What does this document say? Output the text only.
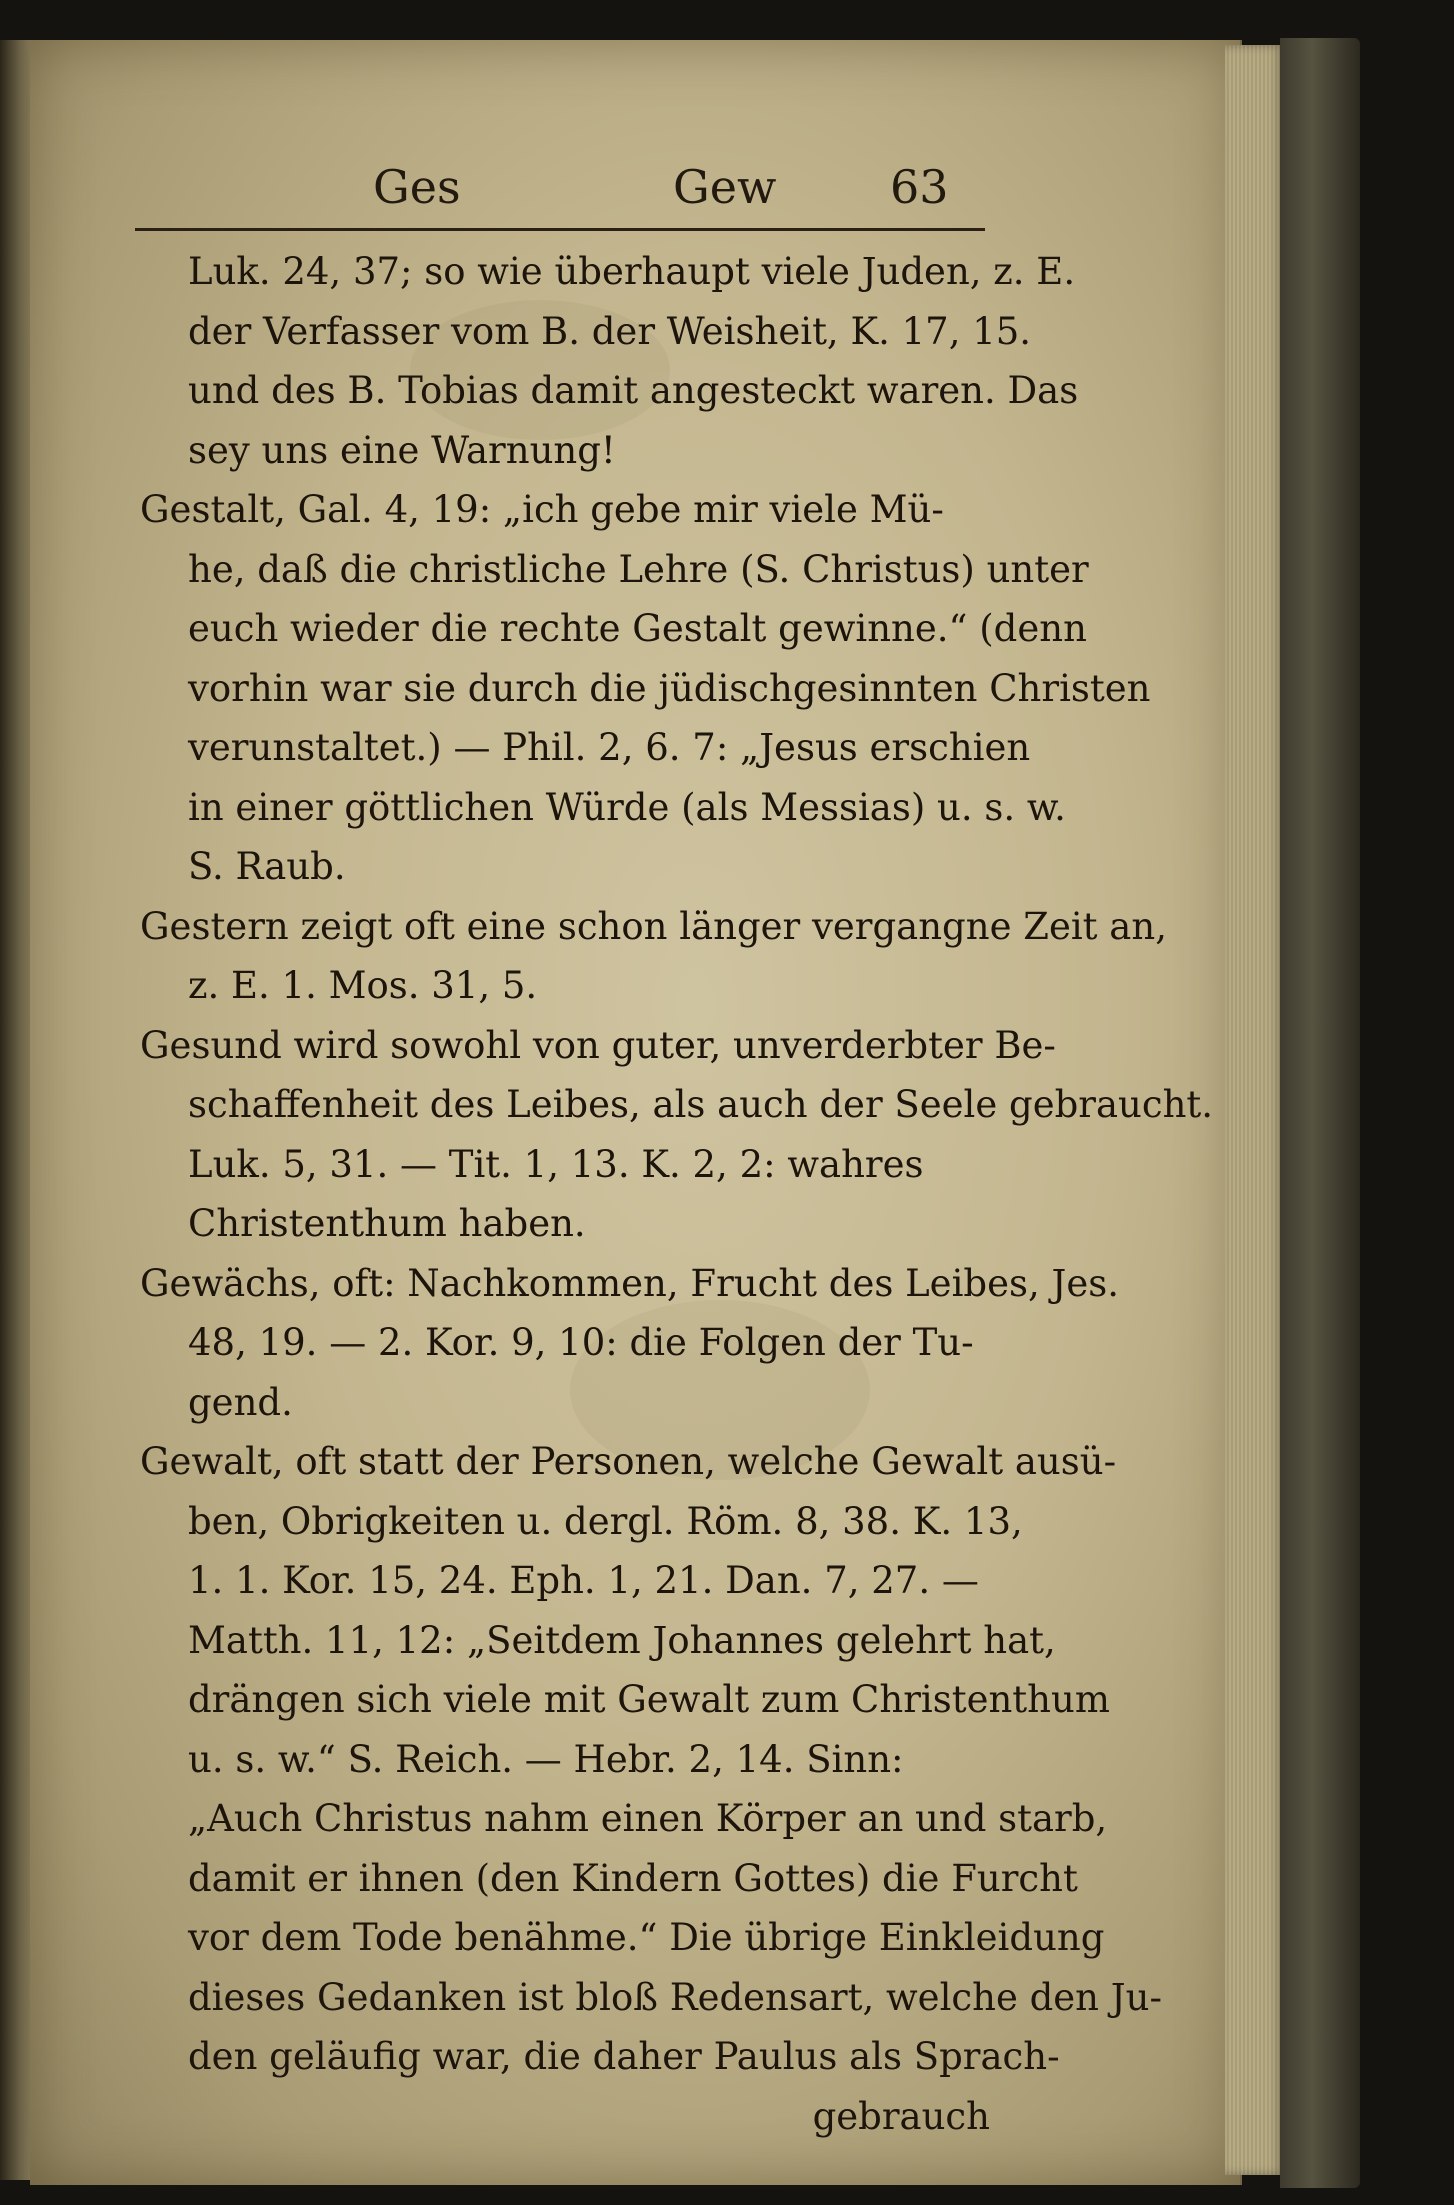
Ges	Gew 63
Luk. 24, 37; so wie überhaupt viele Juden, z. E.
der Verfasser vom B. der Weisheit, K. 17, 15.
und des B. Tobias damit angesteckt waren. Das
sey uns eine Warnung!
Gestalt, Gal. 4, 19: „ich gebe mir viele Mü-
he, daß die christliche Lehre (S. Christus) unter
euch wieder die rechte Gestalt gewinne.“ (denn
vorhin war sie durch die jüdischgesinnten Christen
verunstaltet.) — Phil. 2, 6. 7: „Jesus erschien
in einer göttlichen Würde (als Messias) u. s. w.
S. Raub.
Gestern zeigt oft eine schon länger vergangne Zeit an,
z. E. 1. Mos. 31, 5.
Gesund wird sowohl von guter, unverderbter Be-
schaffenheit des Leibes, als auch der Seele gebraucht.
Luk. 5, 31. — Tit. 1, 13. K. 2, 2: wahres
Christenthum haben.
Gewächs, oft: Nachkommen, Frucht des Leibes, Jes.
48, 19. — 2. Kor. 9, 10: die Folgen der Tu-
gend.
Gewalt, oft statt der Personen, welche Gewalt ausü-
ben, Obrigkeiten u. dergl. Röm. 8, 38. K. 13,
1. 1. Kor. 15, 24. Eph. 1, 21. Dan. 7, 27. —
Matth. 11, 12: „Seitdem Johannes gelehrt hat,
drängen sich viele mit Gewalt zum Christenthum
u. s. w.“ S. Reich. — Hebr. 2, 14. Sinn:
„Auch Christus nahm einen Körper an und starb,
damit er ihnen (den Kindern Gottes) die Furcht
vor dem Tode benähme.“ Die übrige Einkleidung
dieses Gedanken ist bloß Redensart, welche den Ju-
den geläufig war, die daher Paulus als Sprach-
gebrauch
